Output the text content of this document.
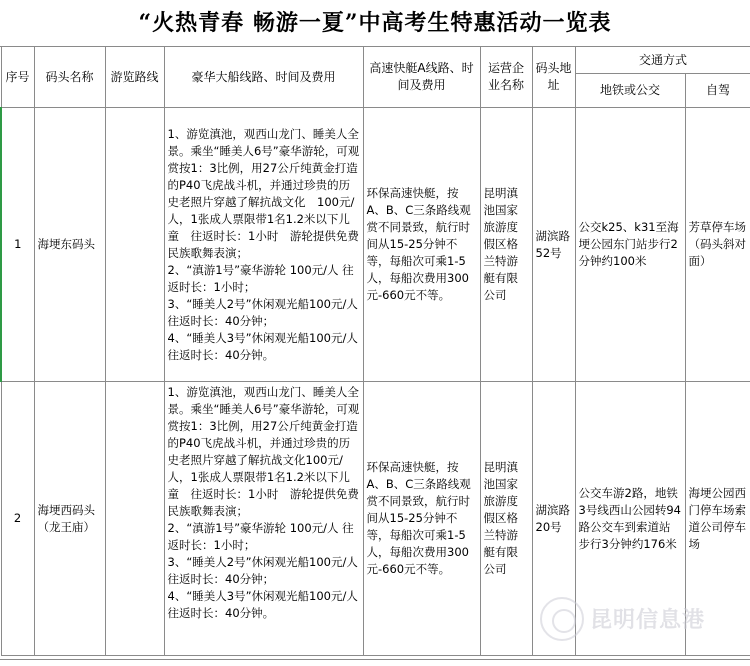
“火热青春 畅游一夏”中高考生特惠活动一览表
序号	码头名称	游览路线	豪华大船线路、时间及费用	高速快艇A线路、时间及费用	运营企业名称	码头地址	交通方式	
							地铁或公交	自驾
1	海埂东码头		1、游览滇池，观西山龙门、睡美人全景。乘坐“睡美人6号”豪华游轮，可观赏按1：3比例，用27公斤纯黄金打造的P40飞虎战斗机，并通过珍贵的历史老照片穿越了解抗战文化　100元/人，1张成人票限带1名1.2米以下儿童　往返时长：1小时　游轮提供免费民族歌舞表演；
2、“滇游1号”豪华游轮 100元/人 往返时长：1小时；
3、“睡美人2号”休闲观光船100元/人 往返时长：40分钟；
4、“睡美人3号”休闲观光船100元/人 往返时长：40分钟。	环保高速快艇，按A、B、C三条路线观赏不同景致，航行时间从15-25分钟不等，每船次可乘1-5人，每船次费用300元-660元不等。	昆明滇池国家旅游度假区格兰特游艇有限公司	湖滨路52号	公交k25、k31至海埂公园东门站步行2分钟约100米	芳草停车场（码头斜对面）
2	海埂西码头（龙王庙）		1、游览滇池，观西山龙门、睡美人全景。乘坐“睡美人6号”豪华游轮，可观赏按1：3比例，用27公斤纯黄金打造的P40飞虎战斗机，并通过珍贵的历史老照片穿越了解抗战文化100元/人，1张成人票限带1名1.2米以下儿童　往返时长：1小时　游轮提供免费民族歌舞表演；
2、“滇游1号”豪华游轮 100元/人 往返时长：1小时；
3、“睡美人2号”休闲观光船100元/人 往返时长：40分钟；
4、“睡美人3号”休闲观光船100元/人 往返时长：40分钟。	环保高速快艇，按A、B、C三条路线观赏不同景致，航行时间从15-25分钟不等，每船次可乘1-5人，每船次费用300元-660元不等。	昆明滇池国家旅游度假区格兰特游艇有限公司	湖滨路20号	公交车游2路，地铁3号线西山公园转94路公交车到索道站步行3分钟约176米	海埂公园西门停车场索道公司停车场
昆明信息港
